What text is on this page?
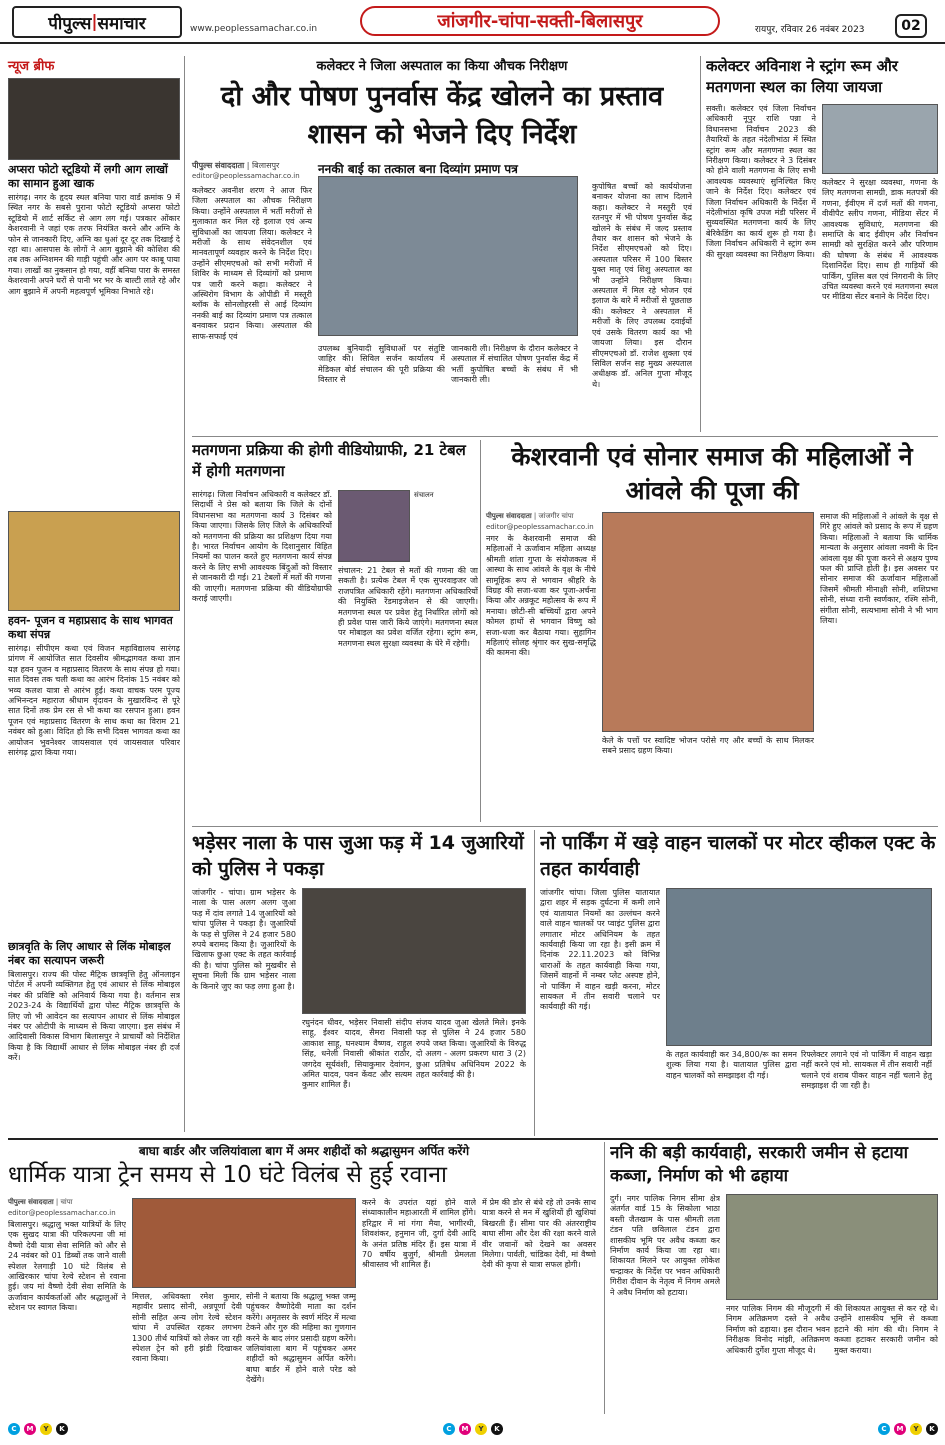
पीपुल्स | समाचार	www.peoplessamachar.co.in	जांजगीर-चांपा-सक्ती-बिलासपुर	रायपुर, रविवार 26 नवंबर 2023	02
न्यूज ब्रीफ
अप्सरा फोटो स्टूडियो में लगी आग लाखों का सामान हुआ खाक
सारंगढ़। नगर के हृदय स्थल बनिया पारा वार्ड क्रमांक 9 में स्थित नगर के सबसे पुराना फोटो स्टूडियो अप्सरा फोटो स्टूडियो में शार्ट सर्किट से आग लग गई। पत्रकार ओंकार केशरवानी ने जहां एक तरफ नियंत्रित करने और अग्नि के फोन से जानकारी दिए, अग्नि का धुआं दूर दूर तक दिखाई दे रहा था। आसपास के लोगों ने आग बुझाने की कोशिश की तब तक अग्निशमन की गाड़ी पहुंची और आग पर काबू पाया गया। लाखों का नुकसान हो गया, वहीं बनिया पारा के समस्त केशरवानी अपने घरों से पानी भर भर के बाल्टी लाते रहे और आग बुझाने में अपनी महत्वपूर्ण भूमिका निभाते रहे।
हवन- पूजन व महाप्रसाद के साथ भागवत कथा संपन्न
सारंगढ़। सीपीएम कथा एवं विजन महाविद्यालय सारंगढ़ प्रांगण में आयोजित सात दिवसीय श्रीमद्भागवत कथा ज्ञान यज्ञ हवन पूजन व महाप्रसाद वितरण के साथ संपन्न हो गया। सात दिवस तक चली कथा का आरंभ दिनांक 15 नवंबर को भव्य कलश यात्रा से आरंभ हुई। कथा वाचक परम पूज्य अभिनन्दन महाराज श्रीधाम वृंदावन के मुखारविन्द से पूरे सात दिनों तक प्रेम रस से भी कथा का रसपान हुआ। हवन पूजन एवं महाप्रसाद वितरण के साथ कथा का विराम 21 नवंबर को हुआ। विदित हो कि सभी दिवस भागवत कथा का आयोजन भुवनेश्वर जायसवाल एवं जायसवाल परिवार सारंगढ़ द्वारा किया गया।
छात्रवृति के लिए आधार से लिंक मोबाइल नंबर का सत्यापन जरूरी
बिलासपुर। राज्य की पोस्ट मैट्रिक छात्रवृत्ति हेतु ऑनलाइन पोर्टल में अपनी व्यक्तिगत हेतु एवं आधार से लिंक मोबाइल नंबर की प्रविष्टि को अनिवार्य किया गया है। वर्तमान सत्र 2023-24 के विद्यार्थियों द्वारा पोस्ट मैट्रिक छात्रवृत्ति के लिए जो भी आवेदन का सत्यापन आधार से लिंक मोबाइल नंबर पर ओटीपी के माध्यम से किया जाएगा। इस संबंध में आदिवासी विकास विभाग बिलासपुर ने प्राचार्यों को निर्देशित किया है कि विद्यार्थी आधार से लिंक मोबाइल नंबर ही दर्ज करें।
कलेक्टर ने जिला अस्पताल का किया औचक निरीक्षण
दो और पोषण पुनर्वास केंद्र खोलने का प्रस्ताव शासन को भेजने दिए निर्देश
पीपुल्स संवाददाता | बिलासपुर
editor@peoplessamachar.co.in
कलेक्टर अवनीश शरण ने आज फिर जिला अस्पताल का औचक निरीक्षण किया। उन्होंने अस्पताल में भर्ती मरीजों से मुलाकात कर मिल रहे इलाज एवं अन्य सुविधाओं का जायजा लिया। कलेक्टर ने मरीजों के साथ संवेदनशील एवं मानवतापूर्ण व्यवहार करने के निर्देश दिए। उन्होंने सीएमएचओ को सभी मरीजों में शिविर के माध्यम से दिव्यांगों को प्रमाण पत्र जारी करने कहा। कलेक्टर ने अस्थिरोग विभाग के ओपीडी में मस्तूरी ब्लॉक के सोनलोहरसी से आई दिव्यांग ननकी बाई का दिव्यांग प्रमाण पत्र तत्काल बनवाकर प्रदान किया। अस्पताल की साफ-सफाई एवं
ननकी बाई का तत्काल बना दिव्यांग प्रमाण पत्र
उपलब्ध बुनियादी सुविधाओं पर संतुष्टि जाहिर की। सिविल सर्जन कार्यालय में मेडिकल बोर्ड संचालन की पूरी प्रक्रिया की विस्तार से
जानकारी ली। निरीक्षण के दौरान कलेक्टर ने अस्पताल में संचालित पोषण पुनर्वास केंद्र में भर्ती कुपोषित बच्चों के संबंध में भी जानकारी ली।
कुपोषित बच्चों को कार्ययोजना बनाकर योजना का लाभ दिलाने कहा। कलेक्टर ने मस्तूरी एवं रतनपुर में भी पोषण पुनर्वास केंद्र खोलने के संबंध में जल्द प्रस्ताव तैयार कर शासन को भेजने के निर्देश सीएमएचओ को दिए। अस्पताल परिसर में 100 बिस्तर युक्त मातृ एवं शिशु अस्पताल का भी उन्होंने निरीक्षण किया। अस्पताल में मिल रहे भोजन एवं इलाज के बारे में मरीजों से पूछताछ की। कलेक्टर ने अस्पताल में मरीजों के लिए उपलब्ध दवाईयों एवं उसके वितरण कार्य का भी जायजा लिया। इस दौरान सीएमएचओ डॉ. राजेश शुक्ला एवं सिविल सर्जन सह मुख्य अस्पताल अधीक्षक डॉ. अनिल गुप्ता मौजूद थे।
कलेक्टर अविनाश ने स्ट्रांग रूम और मतगणना स्थल का लिया जायजा
सक्ती। कलेक्टर एवं जिला निर्वाचन अधिकारी नूपुर राशि पन्ना ने विधानसभा निर्वाचन 2023 की तैयारियों के तहत नंदेलीभांठा में स्थित स्ट्रांग रूम और मतगणना स्थल का निरीक्षण किया। कलेक्टर ने 3 दिसंबर को होने वाली मतगणना के लिए सभी आवश्यक व्यवस्थाएं सुनिश्चित किए जाने के निर्देश दिए। कलेक्टर एवं जिला निर्वाचन अधिकारी के निर्देश में नंदेलीभांठा कृषि उपज मंडी परिसर में सुव्यवस्थित मतगणना कार्य के लिए बेरिकेडिंग का कार्य शुरू हो गया है। जिला निर्वाचन अधिकारी ने स्ट्रांग रूम की सुरक्षा व्यवस्था का निरीक्षण किया।
कलेक्टर ने सुरक्षा व्यवस्था, गणना के लिए मतगणना सामग्री, डाक मतपत्रों की गणना, ईवीएम में दर्ज मतों की गणना, वीवीपैट स्लीप गणना, मीडिया सेंटर में आवश्यक सुविधाएं, मतगणना की समाप्ति के बाद ईवीएम और निर्वाचन सामग्री को सुरक्षित करने और परिणाम की घोषणा के संबंध में आवश्यक दिशानिर्देश दिए। साथ ही गाड़ियों की पार्किंग, पुलिस बल एवं निगरानी के लिए उचित व्यवस्था करने एवं मतगणना स्थल पर मीडिया सेंटर बनाने के निर्देश दिए।
मतगणना प्रक्रिया की होगी वीडियोग्राफी, 21 टेबल में होगी मतगणना
सारंगढ़। जिला निर्वाचन अधिकारी व कलेक्टर डॉ. सिदार्थी ने प्रेस को बताया कि जिले के दोनों विधानसभा का मतगणना कार्य 3 दिसंबर को किया जाएगा। जिसके लिए जिले के अधिकारियों को मतगणना की प्रक्रिया का प्रशिक्षण दिया गया है। भारत निर्वाचन आयोग के दिशानुसार विहित नियमों का पालन करते हुए मतगणना कार्य संपन्न करने के लिए सभी आवश्यक बिंदुओं को विस्तार से जानकारी दी गई। 21 टेबलों में मतों की गणना की जाएगी। मतगणना प्रक्रिया की वीडियोग्राफी कराई जाएगी।
संचालन
संचालन: 21 टेबल से मतों की गणना की जा सकती है। प्रत्येक टेबल में एक सुपरवाइजर जो राजपत्रित अधिकारी रहेंगे। मतगणना अधिकारियों की नियुक्ति रेंडमाइजेशन से की जाएगी। मतगणना स्थल पर प्रवेश हेतु निर्धारित लोगों को ही प्रवेश पास जारी किये जाएंगे। मतगणना स्थल पर मोबाइल का प्रवेश वर्जित रहेगा। स्ट्रांग रूम, मतगणना स्थल सुरक्षा व्यवस्था के घेरे में रहेगी।
केशरवानी एवं सोनार समाज की महिलाओं ने आंवले की पूजा की
पीपुल्स संवाददाता | जांजगीर चांपा
editor@peoplessamachar.co.in
नगर के केशरवानी समाज की महिलाओं ने ऊर्जावान महिला अध्यक्ष श्रीमती शांता गुप्ता के संयोजकत्व में आस्था के साथ आंवले के वृक्ष के नीचे सामूहिक रूप से भगवान श्रीहरि के विग्रह की सजा-धजा कर पूजा-अर्चना किया और अन्नकूट महोत्सव के रूप में मनाया। छोटी-सी बच्चियों द्वारा अपने कोमल हाथों से भगवान विष्णु को सजा-धजा कर बैठाया गया। सुहागिन महिलाएं सोलह श्रृंगार कर सुख-समृद्धि की कामना की।
केले के पत्तों पर स्वादिष्ट भोजन परोसे गए और बच्चों के साथ मिलकर सबने प्रसाद ग्रहण किया।
समाज की महिलाओं ने आंवले के वृक्ष से गिरे हुए आंवले को प्रसाद के रूप में ग्रहण किया। महिलाओं ने बताया कि धार्मिक मान्यता के अनुसार आंवला नवमी के दिन आंवला वृक्ष की पूजा करने से अक्षय पुण्य फल की प्राप्ति होती है। इस अवसर पर सोनार समाज की ऊर्जावान महिलाओं जिसमें श्रीमती मीनाक्षी सोनी, शशिप्रभा सोनी, संध्या रानी स्वर्णकार, रश्मि सोनी, संगीता सोनी, सत्यभामा सोनी ने भी भाग लिया।
भड़ेसर नाला के पास जुआ फड़ में 14 जुआरियों को पुलिस ने पकड़ा
जांजगीर - चांपा। ग्राम भड़ेसर के नाला के पास अलग अलग जुआ फड़ में दांव लगाते 14 जुआरियों को चांपा पुलिस ने पकड़ा है। जुआरियों के फड़ से पुलिस ने 24 हजार 580 रुपये बरामद किया है। जुआरियों के खिलाफ छुआ एक्ट के तहत कार्रवाई की है। चांपा पुलिस को मुखबीर से सूचना मिली कि ग्राम भड़ेसर नाला के किनारे जुए का फड़ लगा हुआ है।
रघुनंदन धीवर, भड़ेसर निवासी संदीप साहू, ईश्वर यादव, सैमरा निवासी आकाश साहू, घनश्याम वैष्णव, राहुल सिंह, धनेली निवासी श्रीकांत राठौर, जगदेव सूर्यवंशी, सियाकुमार देवांगन, अमित यादव, पवन केंवट और सत्यम कुमार शामिल हैं।
संजय यादव जुआ खेलते मिले। इनके फड़ से पुलिस ने 24 हजार 580 रुपये जब्त किया। जुआरियों के विरुद्ध दो अलग - अलग प्रकरण धारा 3 (2) छुआ प्रतिषेध अधिनियम 2022 के तहत कार्रवाई की है।
नो पार्किंग में खड़े वाहन चालकों पर मोटर व्हीकल एक्ट के तहत कार्यवाही
जांजगीर चांपा। जिला पुलिस यातायात द्वारा शहर में सड़क दुर्घटना में कमी लाने एवं यातायात नियमों का उल्लंघन करने वाले वाहन चालकों पर प्वाइंट पुलिस द्वारा लगातार मोटर अधिनियम के तहत कार्यवाही किया जा रहा है। इसी क्रम में दिनांक 22.11.2023 को विभिन्न धाराओं के तहत कार्यवाही किया गया, जिसमें वाहनों में नम्बर प्लेट अस्पष्ट होने, नो पार्किंग में वाहन खड़ी करना, मोटर सायकल में तीन सवारी चलाने पर कार्यवाही की गई।
के तहत कार्यवाही कर 34,800/रू का समन शुल्क लिया गया है। यातायात पुलिस द्वारा वाहन चालकों को समझाइश दी गई।
रिफ्लेक्टर लगाने एवं नो पार्किंग में वाहन खड़ा नहीं करने एवं मो. सायकल में तीन सवारी नहीं चलाने एवं शराब पीकर वाहन नहीं चलाने हेतु समझाइश दी जा रही है।
बाघा बार्डर और जलियांवाला बाग में अमर शहीदों को श्रद्धासुमन अर्पित करेंगे
धार्मिक यात्रा ट्रेन समय से 10 घंटे विलंब से हुई रवाना
पीपुल्स संवाददाता | चांपा
editor@peoplessamachar.co.in
बिलासपुर। श्रद्धालु भक्त यात्रियों के लिए एक सुखद यात्रा की परिकल्पना जी मां वैष्णो देवी यात्रा सेवा समिति को और से 24 नवंबर को 01 डिब्बों तक जाने वाली स्पेशल रेलगाड़ी 10 घंटे विलंब से आखिरकार चांपा रेल्वे स्टेशन से रवाना हुई। जय मां वैष्णो देवी सेवा समिति के ऊर्जावान कार्यकर्ताओं और श्रद्धालुओं ने स्टेशन पर स्वागत किया।
मित्तल, अधिवक्ता रमेश कुमार, महावीर प्रसाद सोनी, अन्नपूर्णा देवी सोनी सहित अन्य लोग रेल्वे स्टेशन चांपा में उपस्थित रहकर लगभग 1300 तीर्थ यात्रियों को लेकर जा रही स्पेशल ट्रेन को हरी झंडी दिखाकर रवाना किया।
सोनी ने बताया कि श्रद्धालु भक्त जम्मू पहुंचकर वैष्णोदेवी माता का दर्शन करेंगे। अमृतसर के स्वर्ण मंदिर में मत्था टेकने और गुरु की महिमा का गुणगान करने के बाद लंगर प्रसादी ग्रहण करेंगे। जलियांवाला बाग में पहुंचकर अमर शहीदों को श्रद्धासुमन अर्पित करेंगे। बाघा बार्डर में होने वाले परेड को देखेंगे।
करने के उपरांत यहां होने वाले संध्याकालीन महाआरती में शामिल होंगे। हरिद्वार में मां गंगा मैया, भागीरथी, शिवशंकर, हनुमान जी, दुर्गा देवी आदि के अनंत प्रतिष्ठ मंदिर हैं। इस यात्रा में 70 वर्षीय बुजुर्ग, श्रीमती प्रेमलता श्रीवास्तव भी शामिल हैं।
में प्रेम की डोर से बंधे रहे तो उनके साथ यात्रा करने से मन में खुशियों ही खुशियां बिखरती हैं। सीमा पार की अंतरराष्ट्रीय बाघा सीमा और देश की रक्षा करने वाले वीर जवानों को देखने का अवसर मिलेगा। पार्वती, चांडिका देवी, मां वैष्णो देवी की कृपा से यात्रा सफल होगी।
ननि की बड़ी कार्यवाही, सरकारी जमीन से हटाया कब्जा, निर्माण को भी ढहाया
दुर्ग। नगर पालिक निगम सीमा क्षेत्र अंतर्गत वार्ड 15 के सिकोला भाठा बस्ती जैतखाम के पास श्रीमती लता टंडन पति छविलाल टंडन द्वारा शासकीय भूमि पर अवैध कब्जा कर निर्माण कार्य किया जा रहा था। शिकायत मिलने पर आयुक्त लोकेश चन्द्राकर के निर्देश पर भवन अधिकारी गिरीश दीवान के नेतृत्व में निगम अमले ने अवैध निर्माण को हटाया।
नगर पालिक निगम की मौजूदगी में निगम अतिक्रमण दस्ते ने अवैध निर्माण को ढहाया। इस दौरान भवन निरीक्षक विनोद मांझी, अतिक्रमण अधिकारी दुर्गेश गुप्ता मौजूद थे।
की शिकायत आयुक्त से कर रहे थे। उन्होंने शासकीय भूमि से कब्जा हटाने की मांग की थी। निगम ने कब्जा हटाकर सरकारी जमीन को मुक्त कराया।
C	M	Y	K	C	M	Y	K	C	M	Y	K
